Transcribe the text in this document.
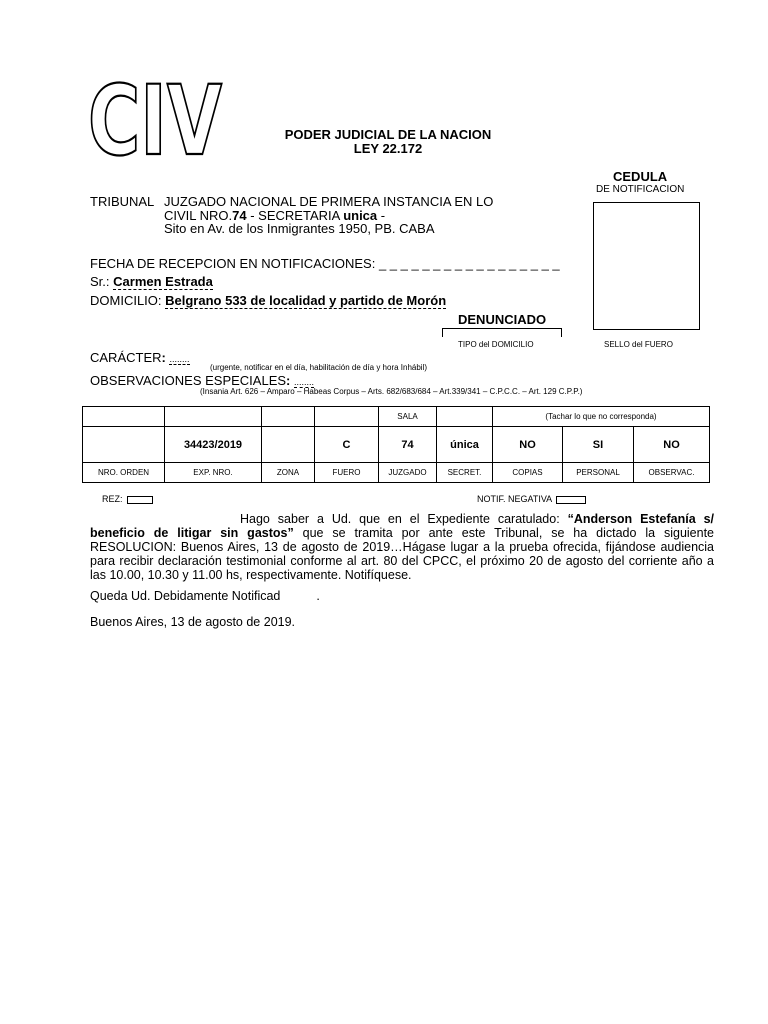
CIV	PODER JUDICIAL DE LA NACION
LEY 22.172
CEDULA
DE NOTIFICACION
SELLO del FUERO
TRIBUNAL JUZGADO NACIONAL DE PRIMERA INSTANCIA EN LO
CIVIL NRO.74 - SECRETARIA unica -
Sito en Av. de los Inmigrantes 1950, PB. CABA
FECHA DE RECEPCION EN NOTIFICACIONES: _ _ _ _ _ _ _ _ _ _ _ _ _ _ _ _ _
Sr.: Carmen Estrada
DOMICILIO: Belgrano 533 de localidad y partido de Morón
DENUNCIADO
TIPO del DOMICILIO
CARÁCTER: ........
(urgente, notificar en el día, habilitación de día y hora Inhábil)
OBSERVACIONES ESPECIALES: ........
(Insania Art. 626 – Amparo – Habeas Corpus – Arts. 682/683/684 – Art.339/341 – C.P.C.C. – Art. 129 C.P.P.)
				SALA		(Tachar lo que no corresponda)		
	34423/2019		C	74	única	NO	SI	NO
NRO. ORDEN	EXP. NRO.	ZONA	FUERO	JUZGADO	SECRET.	COPIAS	PERSONAL	OBSERVAC.
REZ:	NOTIF. NEGATIVA
Hago saber a Ud. que en el Expediente caratulado: “Anderson Estefanía s/ beneficio de litigar sin gastos” que se tramita por ante este Tribunal, se ha dictado la siguiente RESOLUCION: Buenos Aires, 13 de agosto de 2019…Hágase lugar a la prueba ofrecida, fijándose audiencia para recibir declaración testimonial conforme al art. 80 del CPCC, el próximo 20 de agosto del corriente año a las 10.00, 10.30 y 11.00 hs, respectivamente. Notifíquese.
Queda Ud. Debidamente Notificad	.
Buenos Aires, 13 de agosto de 2019.
